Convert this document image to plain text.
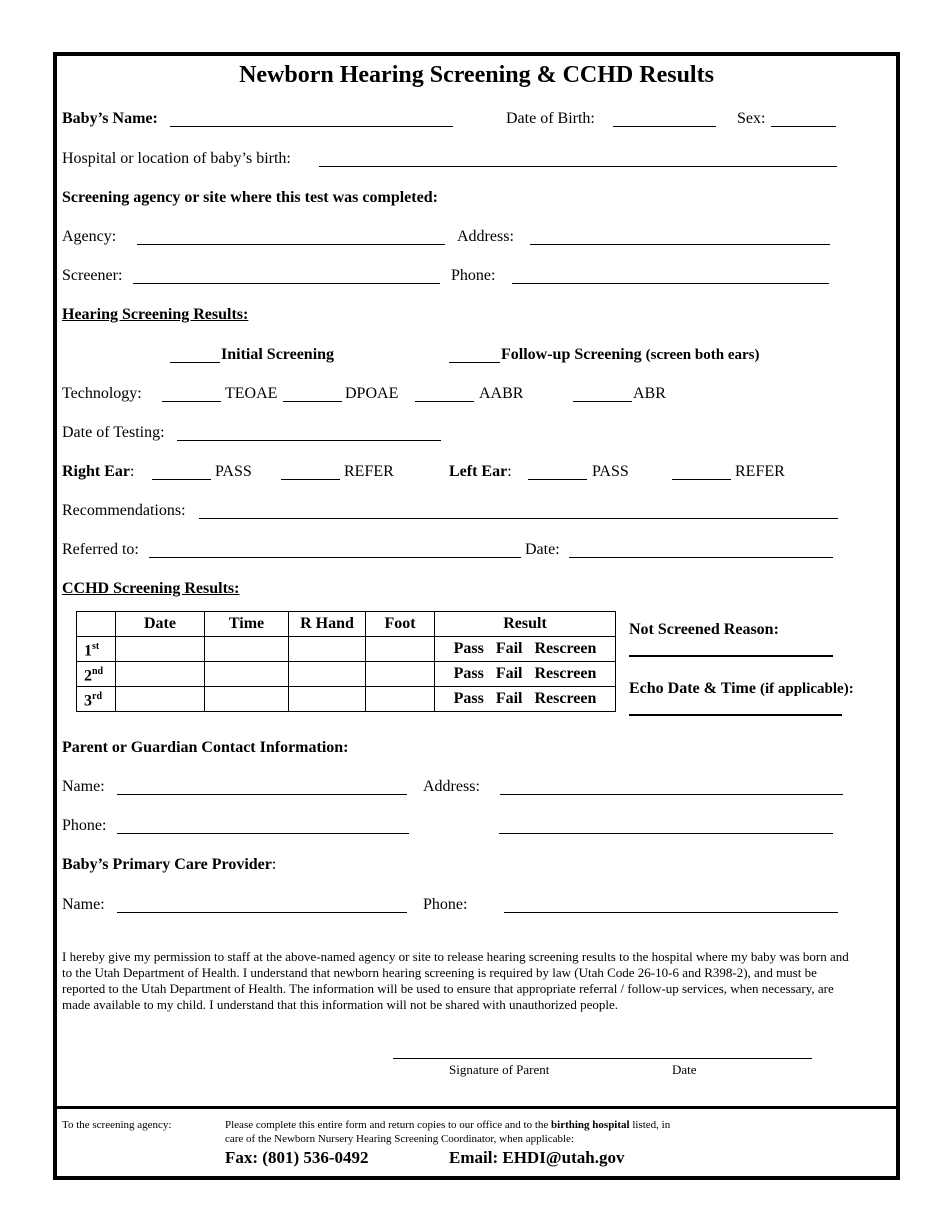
Newborn Hearing Screening & CCHD Results
Baby’s Name:	Date of Birth:	Sex:
Hospital or location of baby’s birth:
Screening agency or site where this test was completed:
Agency:	Address:
Screener:	Phone:
Hearing Screening Results:
Initial Screening	Follow-up Screening (screen both ears)
Technology:	TEOAE	DPOAE	AABR	ABR
Date of Testing:
Right Ear:	PASS	REFER	Left Ear:	PASS	REFER
Recommendations:
Referred to:	Date:
CCHD Screening Results:
	Date	Time	R Hand	Foot	Result
1st					Pass Fail Rescreen
2nd					Pass Fail Rescreen
3rd					Pass Fail Rescreen
Not Screened Reason:
Echo Date & Time (if applicable):
Parent or Guardian Contact Information:
Name:	Address:
Phone:
Baby’s Primary Care Provider:
Name:	Phone:
I hereby give my permission to staff at the above-named agency or site to release hearing screening results to the hospital where my baby was born and to the Utah Department of Health. I understand that newborn hearing screening is required by law (Utah Code 26-10-6 and R398-2), and must be reported to the Utah Department of Health. The information will be used to ensure that appropriate referral / follow-up services, when necessary, are made available to my child. I understand that this information will not be shared with unauthorized people.
Signature of Parent	Date
To the screening agency:	Please complete this entire form and return copies to our office and to the birthing hospital listed, in
care of the Newborn Nursery Hearing Screening Coordinator, when applicable:
Fax: (801) 536-0492	Email: EHDI@utah.gov
